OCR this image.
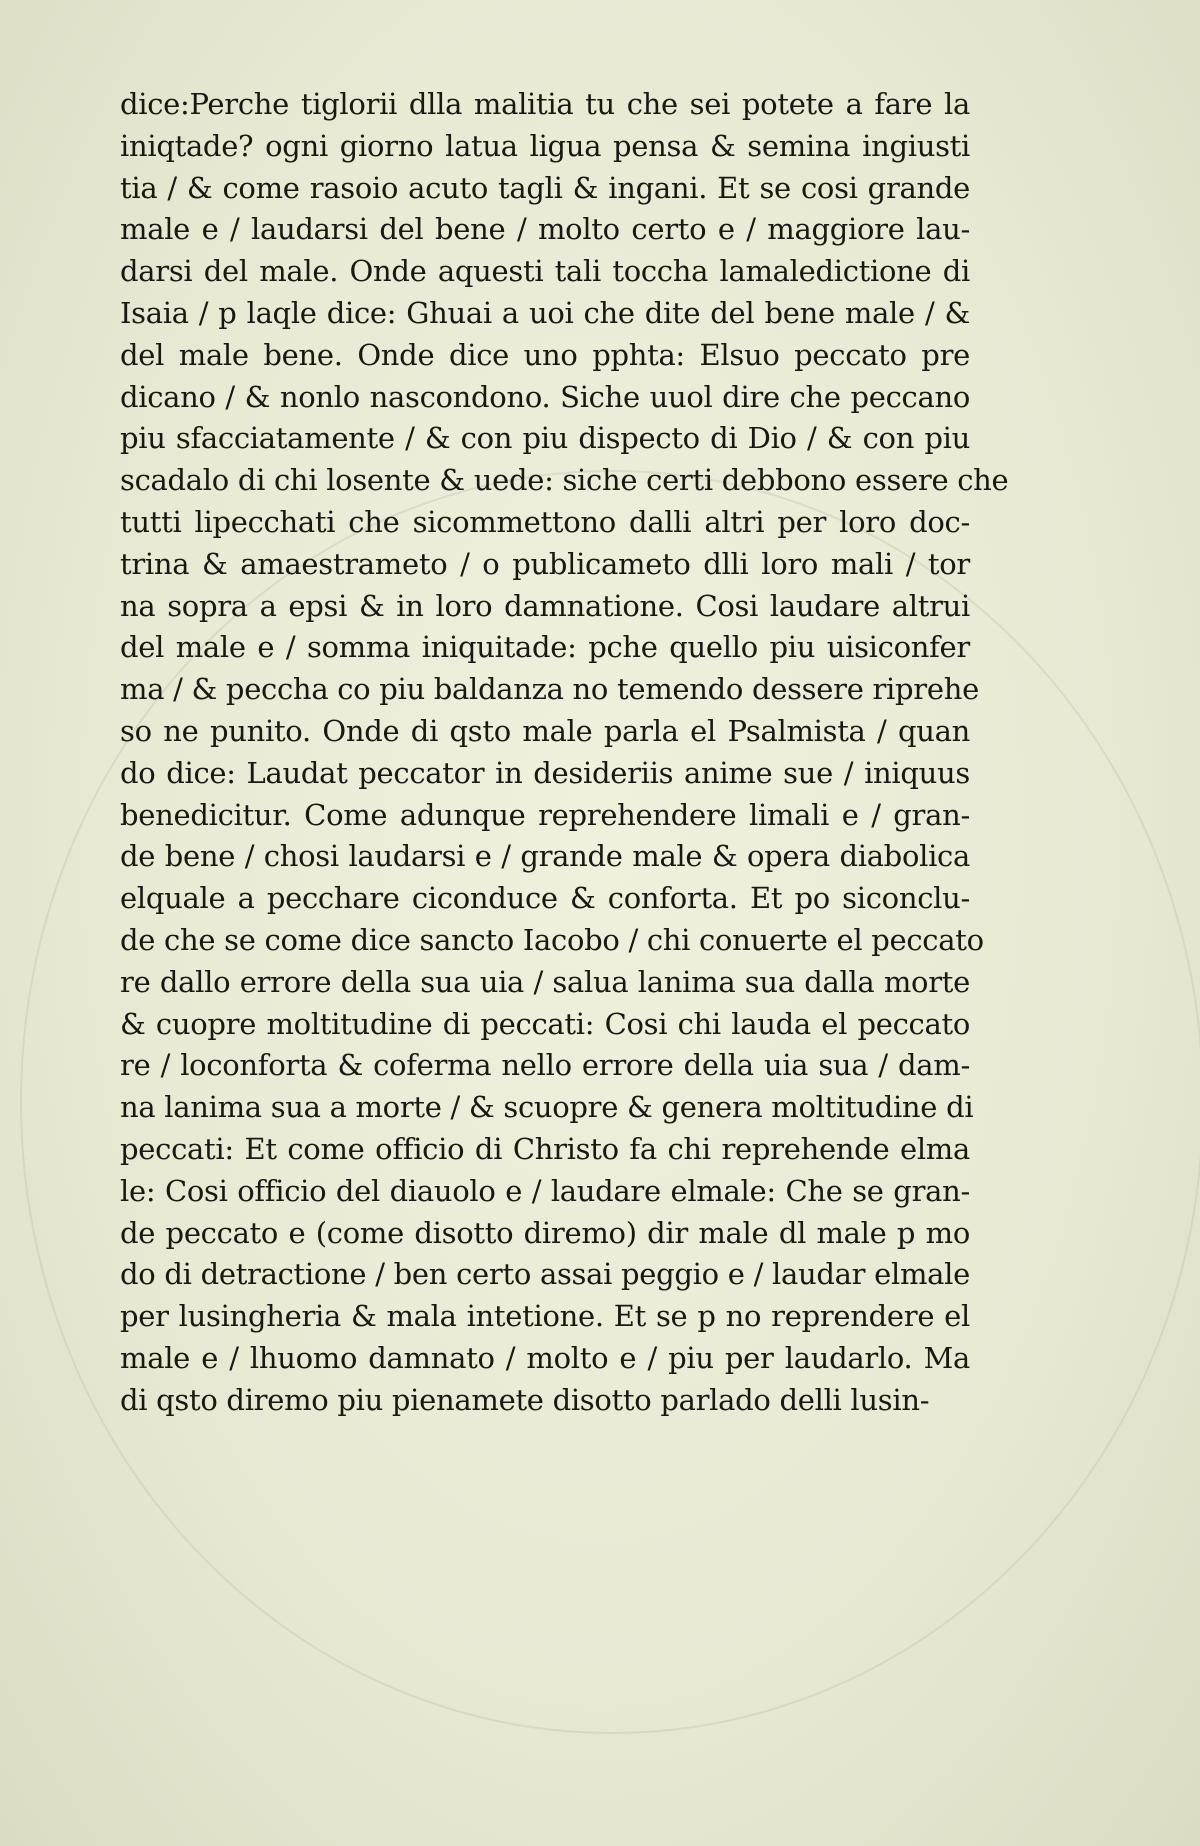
dice:Perche tiglorii dlla malitia tu che sei potete a fare la
iniqtade? ogni giorno latua ligua pensa & semina ingiusti
tia / & come rasoio acuto tagli & ingani. Et se cosi grande
male e / laudarsi del bene / molto certo e / maggiore lau-
darsi del male. Onde aquesti tali toccha lamaledictione di
Isaia / p laqle dice: Ghuai a uoi che dite del bene male / &
del male bene. Onde dice uno pphta: Elsuo peccato pre
dicano / & nonlo nascondono. Siche uuol dire che peccano
piu sfacciatamente / & con piu dispecto di Dio / & con piu
scadalo di chi losente & uede: siche certi debbono essere che
tutti lipecchati che sicommettono dalli altri per loro doc-
trina & amaestrameto / o publicameto dlli loro mali / tor
na sopra a epsi & in loro damnatione. Cosi laudare altrui
del male e / somma iniquitade: pche quello piu uisiconfer
ma / & peccha co piu baldanza no temendo dessere riprehe
so ne punito. Onde di qsto male parla el Psalmista / quan
do dice: Laudat peccator in desideriis anime sue / iniquus
benedicitur. Come adunque reprehendere limali e / gran-
de bene / chosi laudarsi e / grande male & opera diabolica
elquale a pecchare ciconduce & conforta. Et po siconclu-
de che se come dice sancto Iacobo / chi conuerte el peccato
re dallo errore della sua uia / salua lanima sua dalla morte
& cuopre moltitudine di peccati: Cosi chi lauda el peccato
re / loconforta & coferma nello errore della uia sua / dam-
na lanima sua a morte / & scuopre & genera moltitudine di
peccati: Et come officio di Christo fa chi reprehende elma
le: Cosi officio del diauolo e / laudare elmale: Che se gran-
de peccato e (come disotto diremo) dir male dl male p mo
do di detractione / ben certo assai peggio e / laudar elmale
per lusingheria & mala intetione. Et se p no reprendere el
male e / lhuomo damnato / molto e / piu per laudarlo. Ma
di qsto diremo piu pienamete disotto parlado delli lusin-
